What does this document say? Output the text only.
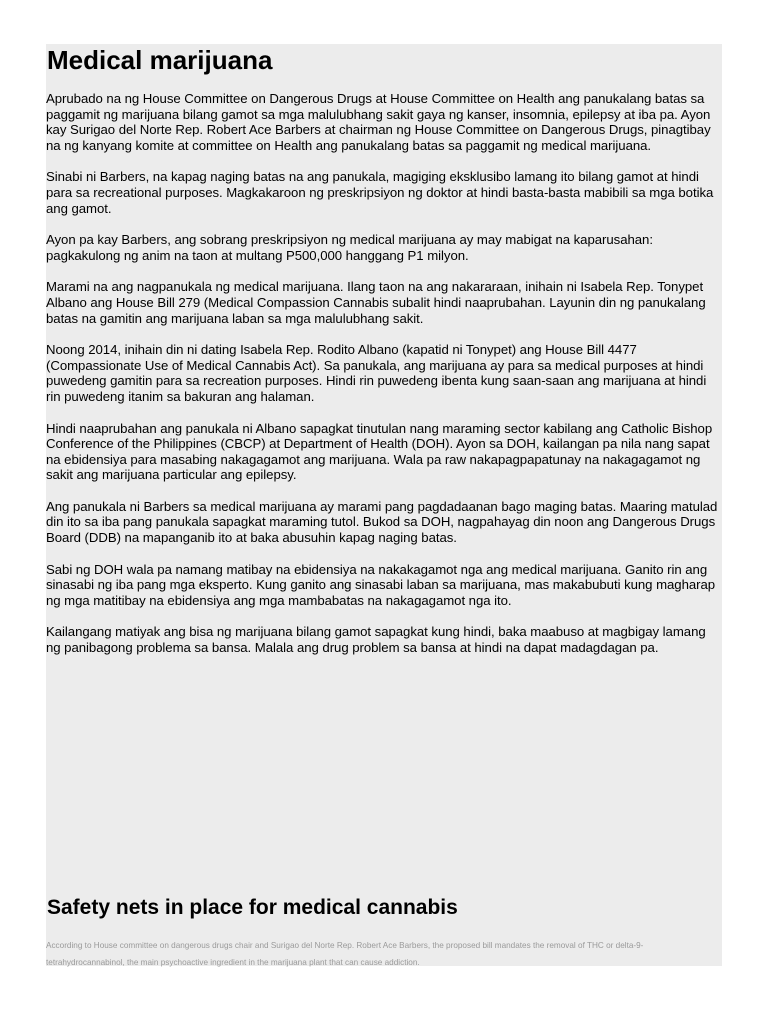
Medical marijuana

Aprubado na ng House Committee on Dangerous Drugs at House Committee on Health ang panukalang batas sa paggamit ng marijuana bilang gamot sa mga malulubhang sakit gaya ng kanser, insomnia, epilepsy at iba pa. Ayon kay Surigao del Norte Rep. Robert Ace Barbers at chairman ng House Committee on Dangerous Drugs, pinagtibay na ng kanyang komite at committee on Health ang panukalang batas sa paggamit ng medical marijuana.

Sinabi ni Barbers, na kapag naging batas na ang panukala, magiging eksklusibo lamang ito bilang gamot at hindi para sa recreational purposes. Magkakaroon ng preskripsiyon ng doktor at hindi basta-basta mabibili sa mga botika ang gamot.

Ayon pa kay Barbers, ang sobrang preskripsiyon ng medical marijuana ay may mabigat na kaparusahan: pagkakulong ng anim na taon at multang P500,000 hanggang P1 milyon.

Marami na ang nagpanukala ng medical marijuana. Ilang taon na ang nakararaan, inihain ni Isabela Rep. Tonypet Albano ang House Bill 279 (Medical Compassion Cannabis subalit hindi naaprubahan. Layunin din ng panukalang batas na gamitin ang marijuana laban sa mga malulubhang sakit.

Noong 2014, inihain din ni dating Isabela Rep. Rodito Albano (kapatid ni Tonypet) ang House Bill 4477 (Compassionate Use of Medical Cannabis Act). Sa panukala, ang marijuana ay para sa medical purposes at hindi puwedeng gamitin para sa recreation purposes. Hindi rin puwedeng ibenta kung saan-saan ang marijuana at hindi rin puwedeng itanim sa bakuran ang halaman.

Hindi naaprubahan ang panukala ni Albano sapagkat tinutulan nang maraming sector kabilang ang Catholic Bishop Conference of the Philippines (CBCP) at Department of Health (DOH). Ayon sa DOH, kailangan pa nila nang sapat na ebidensiya para masabing nakagagamot ang marijuana. Wala pa raw nakapagpapatunay na nakagagamot ng sakit ang marijuana particular ang epilepsy.

Ang panukala ni Barbers sa medical marijuana ay marami pang pagdadaanan bago maging batas. Maaring matulad din ito sa iba pang panukala sapagkat maraming tutol. Bukod sa DOH, nagpahayag din noon ang Dangerous Drugs Board (DDB) na mapanganib ito at baka abusuhin kapag naging batas.

Sabi ng DOH wala pa namang matibay na ebidensiya na nakakagamot nga ang medical marijuana. Ganito rin ang sinasabi ng iba pang mga eksperto. Kung ganito ang sinasabi laban sa marijuana, mas makabubuti kung magharap ng mga matitibay na ebidensiya ang mga mambabatas na nakagagamot nga ito.

Kailangang matiyak ang bisa ng marijuana bilang gamot sapagkat kung hindi, baka maabuso at magbigay lamang ng panibagong problema sa bansa. Malala ang drug problem sa bansa at hindi na dapat madagdagan pa.

Safety nets in place for medical cannabis

According to House committee on dangerous drugs chair and Surigao del Norte Rep. Robert Ace Barbers, the proposed bill mandates the removal of THC or delta-9-tetrahydrocannabinol, the main psychoactive ingredient in the marijuana plant that can cause addiction.
